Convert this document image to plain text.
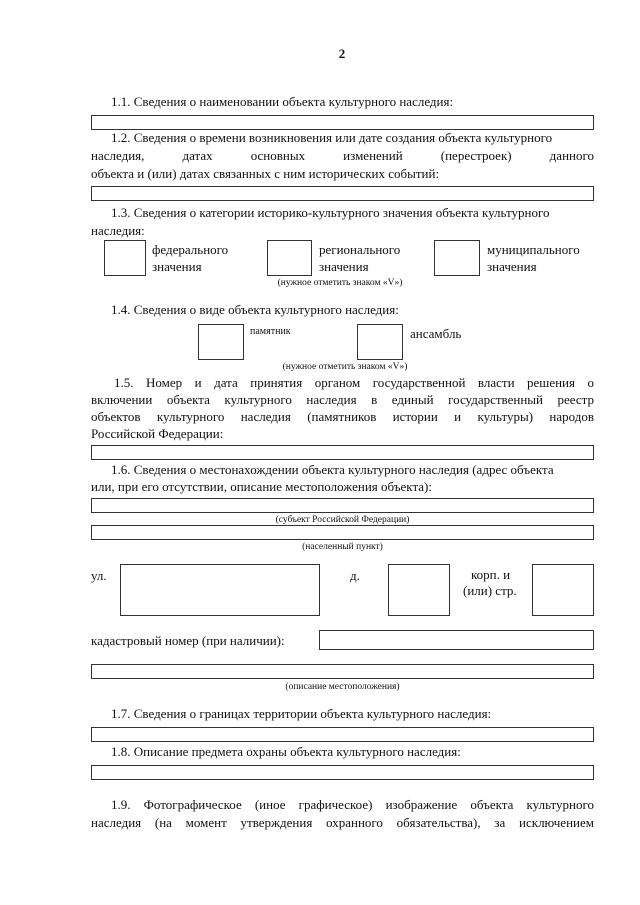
2
1.1. Сведения о наименовании объекта культурного наследия:
1.2. Сведения о времени возникновения или дате создания объекта культурного
наследия, датах основных изменений (перестроек) данного
объекта и (или) датах связанных с ним исторических событий:
1.3. Сведения о категории историко-культурного значения объекта культурного
наследия:
федерального
значения
регионального
значения
муниципального
значения
(нужное отметить знаком «V»)
1.4. Сведения о виде объекта культурного наследия:
памятник	ансамбль
(нужное отметить знаком «V»)
1.5. Номер и дата принятия органом государственной власти решения о
включении объекта культурного наследия в единый государственный реестр
объектов культурного наследия (памятников истории и культуры) народов
Российской Федерации:
1.6. Сведения о местонахождении объекта культурного наследия (адрес объекта
или, при его отсутствии, описание местоположения объекта):
(субъект Российской Федерации)
(населенный пункт)
ул.	д.	корп. и
(или) стр.
кадастровый номер (при наличии):
(описание местоположения)
1.7. Сведения о границах территории объекта культурного наследия:
1.8. Описание предмета охраны объекта культурного наследия:
1.9. Фотографическое (иное графическое) изображение объекта культурного
наследия (на момент утверждения охранного обязательства), за исключением
